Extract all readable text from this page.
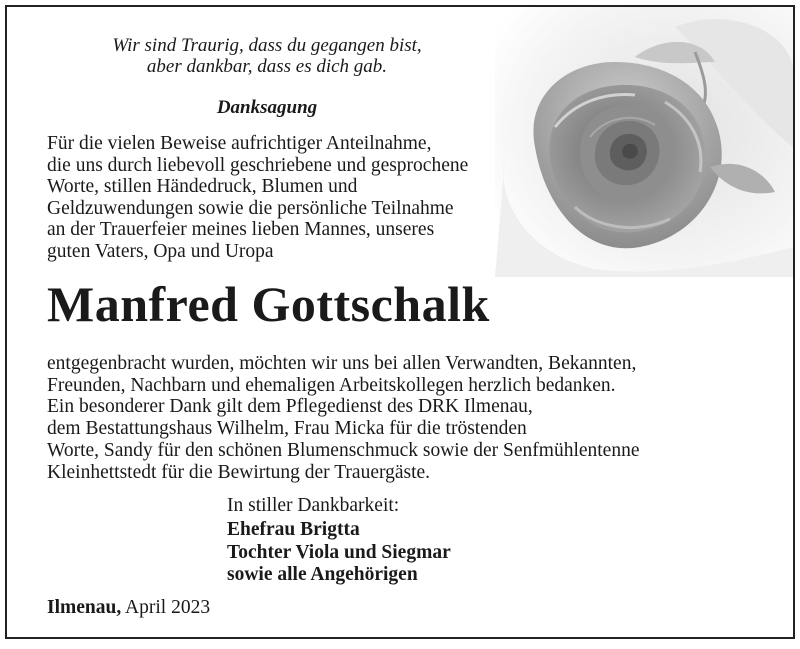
Wir sind Traurig, dass du gegangen bist,
aber dankbar, dass es dich gab.
Danksagung
Für die vielen Beweise aufrichtiger Anteilnahme,
die uns durch liebevoll geschriebene und gesprochene
Worte, stillen Händedruck, Blumen und
Geldzuwendungen sowie die persönliche Teilnahme
an der Trauerfeier meines lieben Mannes, unseres
guten Vaters, Opa und Uropa
Manfred Gottschalk
entgegenbracht wurden, möchten wir uns bei allen Verwandten, Bekannten,
Freunden, Nachbarn und ehemaligen Arbeitskollegen herzlich bedanken.
Ein besonderer Dank gilt dem Pflegedienst des DRK Ilmenau,
dem Bestattungshaus Wilhelm, Frau Micka für die tröstenden
Worte, Sandy für den schönen Blumenschmuck sowie der Senfmühlentenne
Kleinhettstedt für die Bewirtung der Trauergäste.
In stiller Dankbarkeit:
Ehefrau Brigtta
Tochter Viola und Siegmar
sowie alle Angehörigen
Ilmenau, April 2023
